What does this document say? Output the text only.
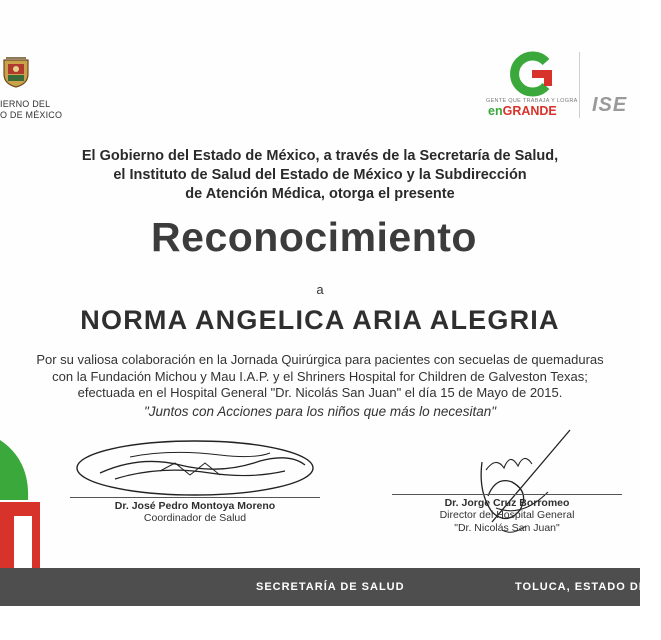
IERNO DEL
O DE MÉXICO
GENTE QUE TRABAJA Y LOGRA
enGRANDE ISE
El Gobierno del Estado de México, a través de la Secretaría de Salud,
el Instituto de Salud del Estado de México y la Subdirección
de Atención Médica, otorga el presente
Reconocimiento
a
NORMA ANGELICA ARIA ALEGRIA
Por su valiosa colaboración en la Jornada Quirúrgica para pacientes con secuelas de quemaduras
con la Fundación Michou y Mau I.A.P. y el Shriners Hospital for Children de Galveston Texas;
efectuada en el Hospital General "Dr. Nicolás San Juan" el día 15 de Mayo de 2015.
"Juntos con Acciones para los niños que más lo necesitan"
Dr. José Pedro Montoya Moreno
Coordinador de Salud
Dr. Jorge Cruz Borromeo
Director del Hospital General
"Dr. Nicolás San Juan"
SECRETARÍA DE SALUD	TOLUCA, ESTADO DE M
